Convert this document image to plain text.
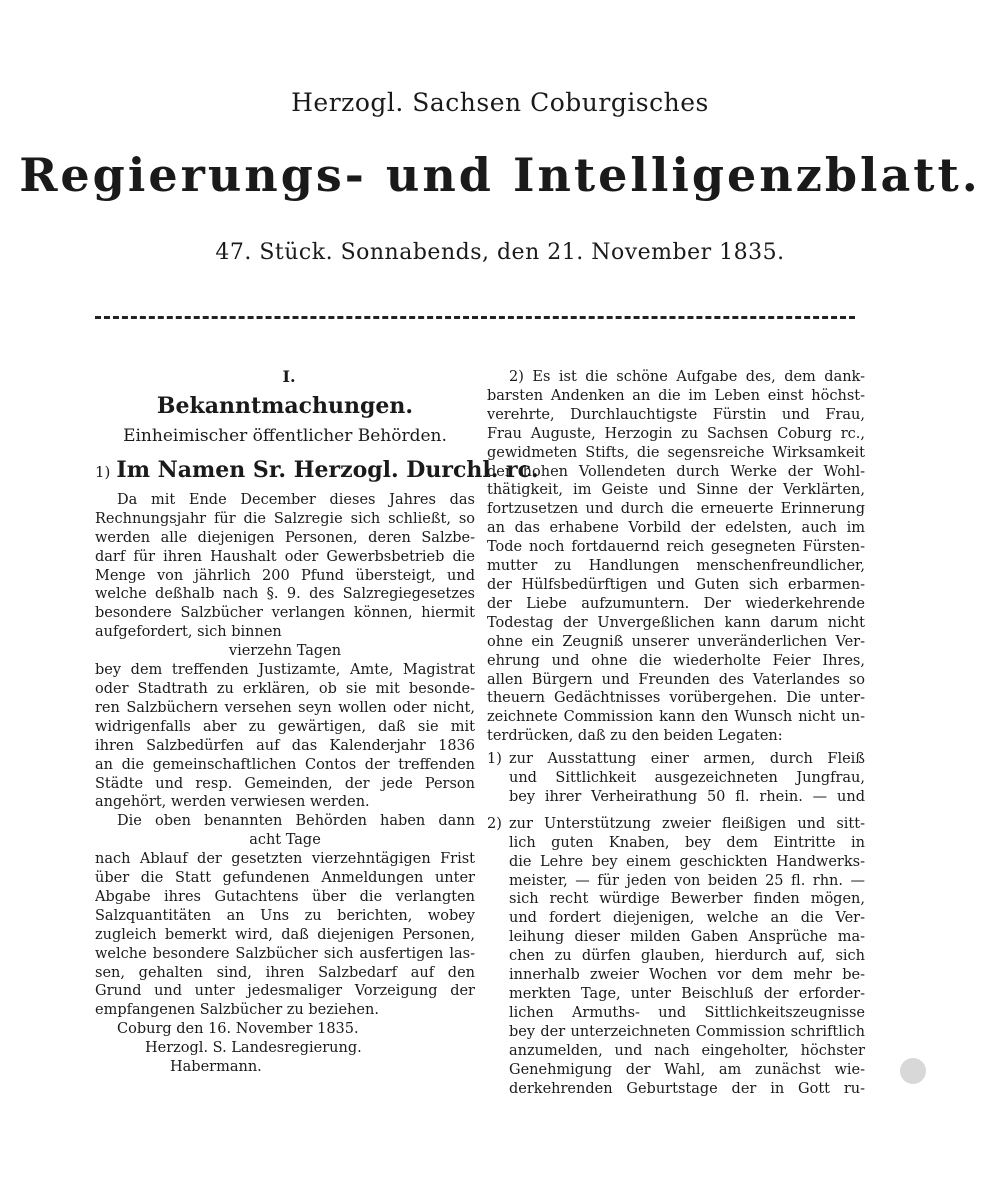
Herzogl. Sachsen Coburgisches
Regierungs- und Intelligenzblatt.
47. Stück. Sonnabends, den 21. November 1835.
I.
Bekanntmachungen.
Einheimischer öffentlicher Behörden.
1) Im Namen Sr. Herzogl. Durchl. rc.
Da mit Ende December dieses Jahres das
Rechnungsjahr für die Salzregie sich schließt, so
werden alle diejenigen Personen, deren Salzbe-
darf für ihren Haushalt oder Gewerbsbetrieb die
Menge von jährlich 200 Pfund übersteigt, und
welche deßhalb nach §. 9. des Salzregiegesetzes
besondere Salzbücher verlangen können, hiermit
aufgefordert, sich binnen
vierzehn Tagen
bey dem treffenden Justizamte, Amte, Magistrat
oder Stadtrath zu erklären, ob sie mit besonde-
ren Salzbüchern versehen seyn wollen oder nicht,
widrigenfalls aber zu gewärtigen, daß sie mit
ihren Salzbedürfen auf das Kalenderjahr 1836
an die gemeinschaftlichen Contos der treffenden
Städte und resp. Gemeinden, der jede Person
angehört, werden verwiesen werden.
Die oben benannten Behörden haben dann
acht Tage
nach Ablauf der gesetzten vierzehntägigen Frist
über die Statt gefundenen Anmeldungen unter
Abgabe ihres Gutachtens über die verlangten
Salzquantitäten an Uns zu berichten, wobey
zugleich bemerkt wird, daß diejenigen Personen,
welche besondere Salzbücher sich ausfertigen las-
sen, gehalten sind, ihren Salzbedarf auf den
Grund und unter jedesmaliger Vorzeigung der
empfangenen Salzbücher zu beziehen.
Coburg den 16. November 1835.
Herzogl. S. Landesregierung.
Habermann.
2) Es ist die schöne Aufgabe des, dem dank-
barsten Andenken an die im Leben einst höchst-
verehrte, Durchlauchtigste Fürstin und Frau,
Frau Auguste, Herzogin zu Sachsen Coburg rc.,
gewidmeten Stifts, die segensreiche Wirksamkeit
der hohen Vollendeten durch Werke der Wohl-
thätigkeit, im Geiste und Sinne der Verklärten,
fortzusetzen und durch die erneuerte Erinnerung
an das erhabene Vorbild der edelsten, auch im
Tode noch fortdauernd reich gesegneten Fürsten-
mutter zu Handlungen menschenfreundlicher,
der Hülfsbedürftigen und Guten sich erbarmen-
der Liebe aufzumuntern. Der wiederkehrende
Todestag der Unvergeßlichen kann darum nicht
ohne ein Zeugniß unserer unveränderlichen Ver-
ehrung und ohne die wiederholte Feier Ihres,
allen Bürgern und Freunden des Vaterlandes so
theuern Gedächtnisses vorübergehen. Die unter-
zeichnete Commission kann den Wunsch nicht un-
terdrücken, daß zu den beiden Legaten:
1) zur Ausstattung einer armen, durch Fleiß
und Sittlichkeit ausgezeichneten Jungfrau,
bey ihrer Verheirathung 50 fl. rhein. — und
2) zur Unterstützung zweier fleißigen und sitt-
lich guten Knaben, bey dem Eintritte in
die Lehre bey einem geschickten Handwerks-
meister, — für jeden von beiden 25 fl. rhn. —
sich recht würdige Bewerber finden mögen,
und fordert diejenigen, welche an die Ver-
leihung dieser milden Gaben Ansprüche ma-
chen zu dürfen glauben, hierdurch auf, sich
innerhalb zweier Wochen vor dem mehr be-
merkten Tage, unter Beischluß der erforder-
lichen Armuths- und Sittlichkeitszeugnisse
bey der unterzeichneten Commission schriftlich
anzumelden, und nach eingeholter, höchster
Genehmigung der Wahl, am zunächst wie-
derkehrenden Geburtstage der in Gott ru-
